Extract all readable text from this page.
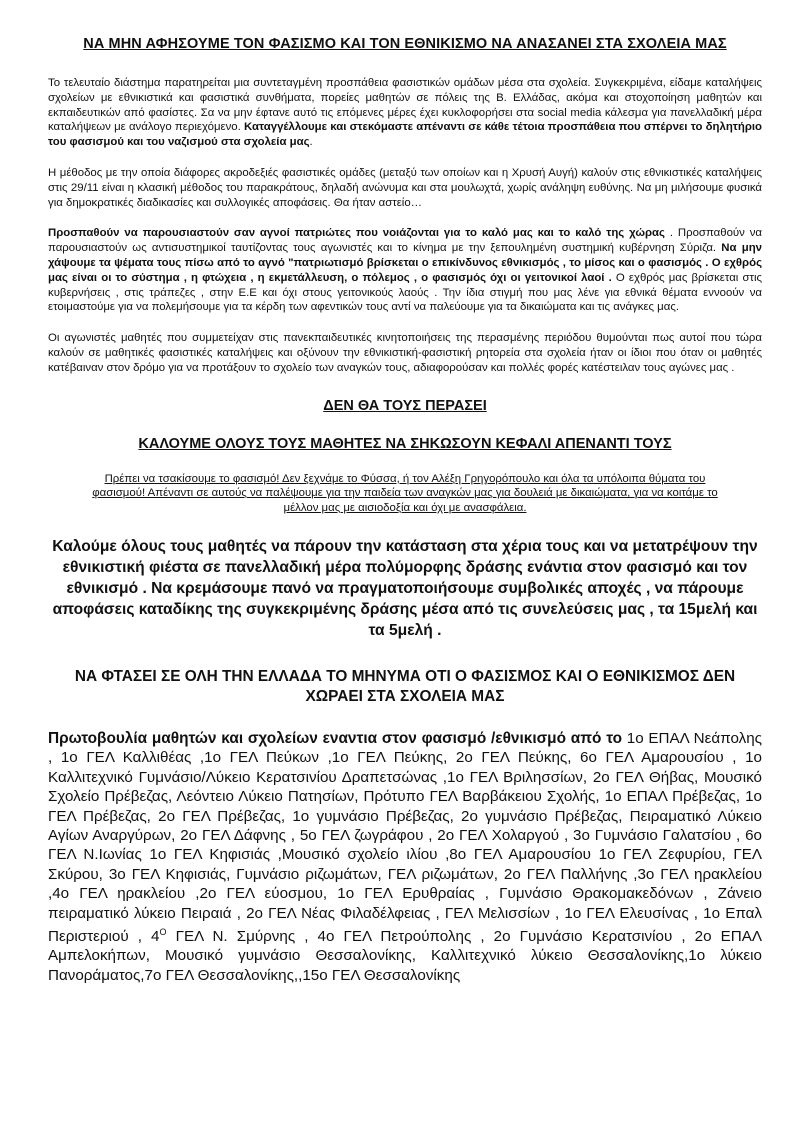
ΝΑ ΜΗΝ ΑΦΗΣΟΥΜΕ ΤΟΝ ΦΑΣΙΣΜΟ ΚΑΙ ΤΟΝ ΕΘΝΙΚΙΣΜΟ ΝΑ ΑΝΑΣΑΝΕΙ ΣΤΑ ΣΧΟΛΕΙΑ ΜΑΣ

Το τελευταίο διάστημα παρατηρείται μια συντεταγμένη προσπάθεια φασιστικών ομάδων μέσα στα σχολεία. Συγκεκριμένα, είδαμε καταλήψεις σχολείων με εθνικιστικά και φασιστικά συνθήματα, πορείες μαθητών σε πόλεις της Β. Ελλάδας, ακόμα και στοχοποίηση μαθητών και εκπαιδευτικών από φασίστες. Σα να μην έφτανε αυτό τις επόμενες μέρες έχει κυκλοφορήσει στα social media κάλεσμα για πανελλαδική μέρα καταλήψεων με ανάλογο περιεχόμενο. Καταγγέλλουμε και στεκόμαστε απέναντι σε κάθε τέτοια προσπάθεια που σπέρνει το δηλητήριο του φασισμού και του ναζισμού στα σχολεία μας.

Η μέθοδος με την οποία διάφορες ακροδεξιές φασιστικές ομάδες (μεταξύ των οποίων και η Χρυσή Αυγή) καλούν στις εθνικιστικές καταλήψεις στις 29/11 είναι η κλασική μέθοδος του παρακράτους, δηλαδή ανώνυμα και στα μουλωχτά, χωρίς ανάληψη ευθύνης. Να μη μιλήσουμε φυσικά για δημοκρατικές διαδικασίες και συλλογικές αποφάσεις. Θα ήταν αστείο…

Προσπαθούν να παρουσιαστούν σαν αγνοί πατριώτες που νοιάζονται για το καλό μας και το καλό της χώρας . Προσπαθούν να παρουσιαστούν ως αντισυστημικοί ταυτίζοντας τους αγωνιστές και το κίνημα με την ξεπουλημένη συστημική κυβέρνηση Σύριζα. Να μην χάψουμε τα ψέματα τους πίσω από το αγνό "πατριωτισμό βρίσκεται ο επικίνδυνος εθνικισμός , το μίσος και ο φασισμός . Ο εχθρός μας είναι οι το σύστημα , η φτώχεια , η εκμετάλλευση, ο πόλεμος , ο φασισμός όχι οι γειτονικοί λαοί . Ο εχθρός μας βρίσκεται στις κυβερνήσεις , στις τράπεζες , στην Ε.Ε και όχι στους γειτονικούς λαούς . Την ίδια στιγμή που μας λένε για εθνικά θέματα εννοούν να ετοιμαστούμε για να πολεμήσουμε για τα κέρδη των αφεντικών τους αντί να παλεύουμε για τα δικαιώματα και τις ανάγκες μας.

Οι αγωνιστές μαθητές που συμμετείχαν στις πανεκπαιδευτικές κινητοποιήσεις της περασμένης περιόδου θυμούνται πως αυτοί που τώρα καλούν σε μαθητικές φασιστικές καταλήψεις και οξύνουν την εθνικιστική-φασιστική ρητορεία στα σχολεία ήταν οι ίδιοι που όταν οι μαθητές κατέβαιναν στον δρόμο για να προτάξουν το σχολείο των αναγκών τους, αδιαφορούσαν και πολλές φορές κατέστειλαν τους αγώνες μας .

ΔΕΝ ΘΑ ΤΟΥΣ ΠΕΡΑΣΕΙ
ΚΑΛΟΥΜΕ ΟΛΟΥΣ ΤΟΥΣ ΜΑΘΗΤΕΣ ΝΑ ΣΗΚΩΣΟΥΝ ΚΕΦΑΛΙ ΑΠΕΝΑΝΤΙ ΤΟΥΣ

Πρέπει να τσακίσουμε το φασισμό! Δεν ξεχνάμε το Φύσσα, ή τον Αλέξη Γρηγορόπουλο και όλα τα υπόλοιπα θύματα του φασισμού! Απέναντι σε αυτούς να παλέψουμε για την παιδεία των αναγκών μας για δουλειά με δικαιώματα, για να κοιτάμε το μέλλον μας με αισιοδοξία και όχι με ανασφάλεια.

Καλούμε όλους τους μαθητές να πάρουν την κατάσταση στα χέρια τους και να μετατρέψουν την εθνικιστική φιέστα σε πανελλαδική μέρα πολύμορφης δράσης ενάντια στον φασισμό και τον εθνικισμό . Να κρεμάσουμε πανό να πραγματοποιήσουμε συμβολικές αποχές , να πάρουμε αποφάσεις καταδίκης της συγκεκριμένης δράσης μέσα από τις συνελεύσεις μας , τα 15μελή και τα 5μελή .

ΝΑ ΦΤΑΣΕΙ ΣΕ ΟΛΗ ΤΗΝ ΕΛΛΑΔΑ ΤΟ ΜΗΝΥΜΑ ΟΤΙ Ο ΦΑΣΙΣΜΟΣ ΚΑΙ Ο ΕΘΝΙΚΙΣΜΟΣ ΔΕΝ ΧΩΡΑΕΙ ΣΤΑ ΣΧΟΛΕΙΑ ΜΑΣ

Πρωτοβουλία μαθητών και σχολείων εναντια στον φασισμό /εθνικισμό από το 1ο ΕΠΑΛ Νεάπολης , 1ο ΓΕΛ Καλλιθέας ,1ο ΓΕΛ Πεύκων ,1ο ΓΕΛ Πεύκης, 2ο ΓΕΛ Πεύκης, 6ο ΓΕΛ Αμαρουσίου , 1ο Καλλιτεχνικό Γυμνάσιο/Λύκειο Κερατσινίου Δραπετσώνας ,1ο ΓΕΛ Βριλησσίων, 2ο ΓΕΛ Θήβας, Μουσικό Σχολείο Πρέβεζας, Λεόντειο Λύκειο Πατησίων, Πρότυπο ΓΕΛ Βαρβάκειου Σχολής, 1ο ΕΠΑΛ Πρέβεζας, 1ο ΓΕΛ Πρέβεζας, 2ο ΓΕΛ Πρέβεζας, 1ο γυμνάσιο Πρέβεζας, 2ο γυμνάσιο Πρέβεζας, Πειραματικό Λύκειο Αγίων Αναργύρων, 2ο ΓΕΛ Δάφνης , 5ο ΓΕΛ ζωγράφου , 2ο ΓΕΛ Χολαργού , 3ο Γυμνάσιο Γαλατσίου , 6ο ΓΕΛ Ν.Ιωνίας 1ο ΓΕΛ Κηφισιάς ,Μουσικό σχολείο ιλίου ,8ο ΓΕΛ Αμαρουσίου 1ο ΓΕΛ Ζεφυρίου, ΓΕΛ Σκύρου, 3ο ΓΕΛ Κηφισιάς, Γυμνάσιο ριζωμάτων, ΓΕΛ ριζωμάτων, 2ο ΓΕΛ Παλλήνης ,3ο ΓΕΛ ηρακλείου ,4ο ΓΕΛ ηρακλείου ,2ο ΓΕΛ εύοσμου, 1ο ΓΕΛ Ερυθραίας , Γυμνάσιο Θρακομακεδόνων , Ζάνειο πειραματικό λύκειο Πειραιά , 2ο ΓΕΛ Νέας Φιλαδέλφειας , ΓΕΛ Μελισσίων , 1ο ΓΕΛ Ελευσίνας , 1ο Επαλ Περιστεριού , $4^O$ ΓΕΛ Ν. Σμύρνης , 4ο ΓΕΛ Πετρούπολης , 2ο Γυμνάσιο Κερατσινίου , 2ο ΕΠΑΛ Αμπελοκήπων, Μουσικό γυμνάσιο Θεσσαλονίκης, Καλλιτεχνικό λύκειο Θεσσαλονίκης,1ο λύκειο Πανοράματος,7ο ΓΕΛ Θεσσαλονίκης,,15ο ΓΕΛ Θεσσαλονίκης
